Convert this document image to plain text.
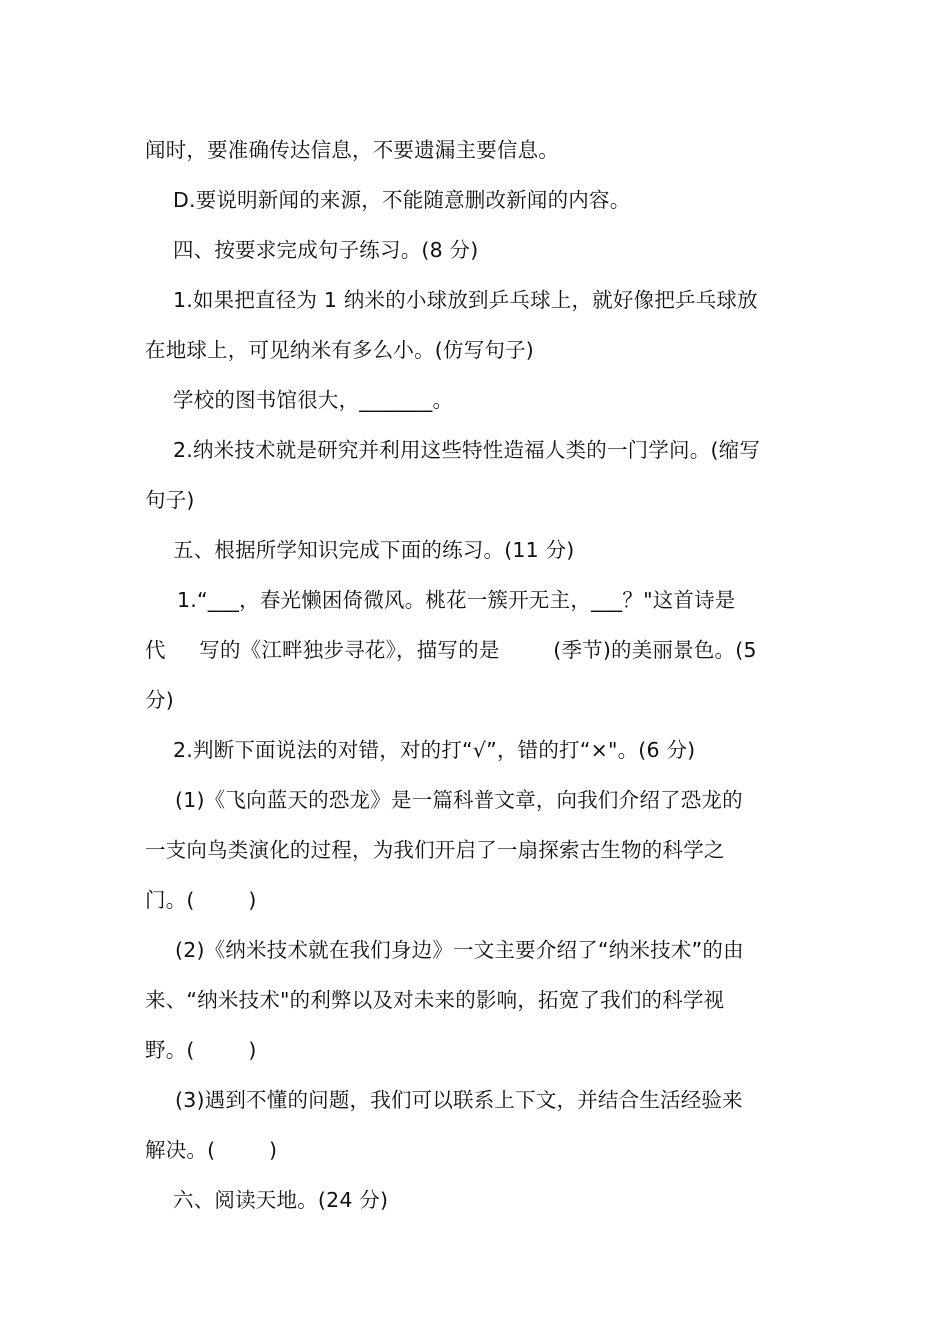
闻时，要准确传达信息，不要遗漏主要信息。
D.要说明新闻的来源，不能随意删改新闻的内容。
四、按要求完成句子练习。(8 分)
1.如果把直径为 1 纳米的小球放到乒乓球上，就好像把乒乓球放
在地球上，可见纳米有多么小。(仿写句子)
学校的图书馆很大，_______。
2.纳米技术就是研究并利用这些特性造福人类的一门学问。(缩写
句子)
五、根据所学知识完成下面的练习。(11 分)
1.“___，春光懒困倚微风。桃花一簇开无主，___？"这首诗是
代     写的《江畔独步寻花》，描写的是        (季节)的美丽景色。(5
分)
2.判断下面说法的对错，对的打“√”，错的打“×"。(6 分)
(1)《飞向蓝天的恐龙》是一篇科普文章，向我们介绍了恐龙的
一支向鸟类演化的过程，为我们开启了一扇探索古生物的科学之
门。(        )
(2)《纳米技术就在我们身边》一文主要介绍了“纳米技术”的由
来、“纳米技术"的利弊以及对未来的影响，拓宽了我们的科学视
野。(        )
(3)遇到不懂的问题，我们可以联系上下文，并结合生活经验来
解决。(        )
六、阅读天地。(24 分)
